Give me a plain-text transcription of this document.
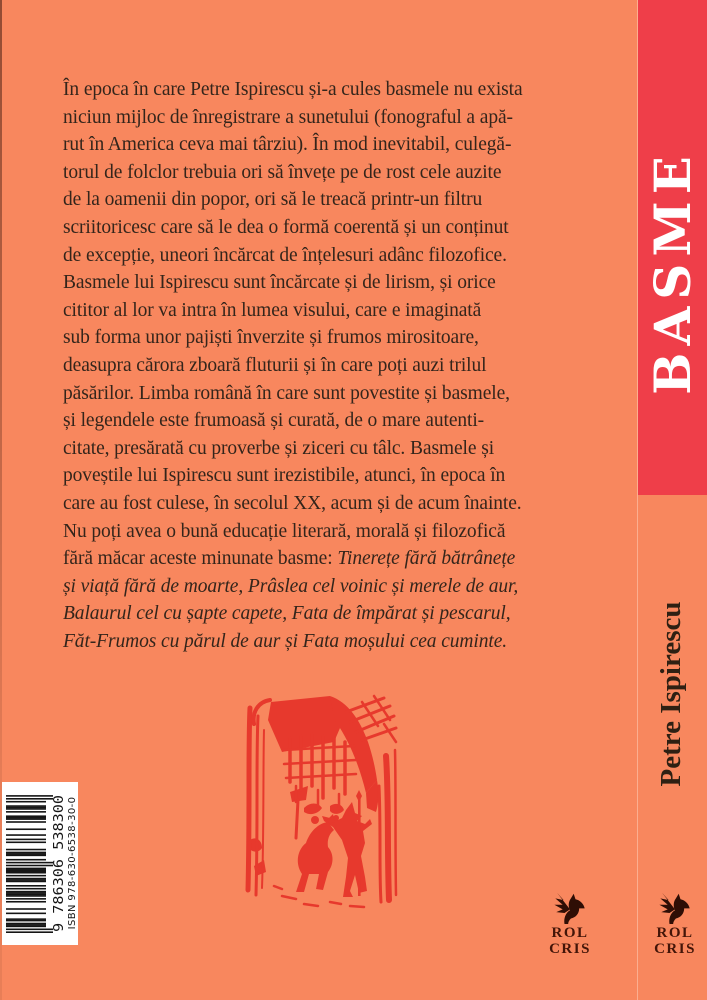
În epoca în care Petre Ispirescu și-a cules basmele nu exista
niciun mijloc de înregistrare a sunetului (fonograful a apă-
rut în America ceva mai târziu). În mod inevitabil, culegă-
torul de folclor trebuia ori să învețe pe de rost cele auzite
de la oamenii din popor, ori să le treacă printr-un filtru
scriitoricesc care să le dea o formă coerentă și un conținut
de excepție, uneori încărcat de înțelesuri adânc filozofice.
Basmele lui Ispirescu sunt încărcate și de lirism, și orice
cititor al lor va intra în lumea visului, care e imaginată
sub forma unor pajiști înverzite și frumos mirositoare,
deasupra cărora zboară fluturii și în care poți auzi trilul
păsărilor. Limba română în care sunt povestite și basmele,
și legendele este frumoasă și curată, de o mare autenti-
citate, presărată cu proverbe și ziceri cu tâlc. Basmele și
poveștile lui Ispirescu sunt irezistibile, atunci, în epoca în
care au fost culese, în secolul XX, acum și de acum înainte.
Nu poți avea o bună educație literară, morală și filozofică
fără măcar aceste minunate basme: Tinerețe fără bătrânețe
și viață fără de moarte, Prâslea cel voinic și merele de aur,
Balaurul cel cu șapte capete, Fata de împărat și pescarul,
Făt-Frumos cu părul de aur și Fata moșului cea cuminte.
9 786306 538300 ISBN 978-630-6538-30-0
BASME
Petre Ispirescu
ROL
CRIS
ROL
CRIS
